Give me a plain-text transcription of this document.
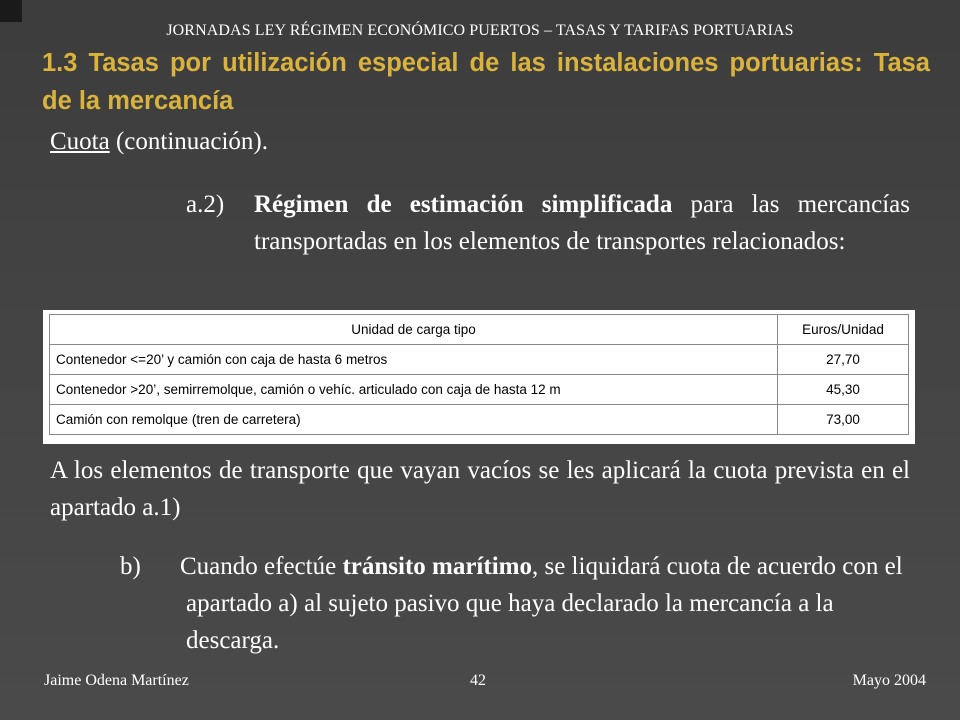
JORNADAS LEY RÉGIMEN ECONÓMICO PUERTOS – TASAS Y TARIFAS PORTUARIAS
1.3 Tasas por utilización especial de las instalaciones portuarias: Tasa de la mercancía
Cuota (continuación).
a.2) Régimen de estimación simplificada para las mercancías transportadas en los elementos de transportes relacionados:
Unidad de carga tipo	Euros/Unidad
Contenedor <=20’ y camión con caja de hasta 6 metros	27,70
Contenedor >20’, semirremolque, camión o vehíc. articulado con caja de hasta 12 m	45,30
Camión con remolque (tren de carretera)	73,00
A los elementos de transporte que vayan vacíos se les aplicará la cuota prevista en el apartado a.1)
b) Cuando efectúe tránsito marítimo, se liquidará cuota de acuerdo con el apartado a) al sujeto pasivo que haya declarado la mercancía a la descarga.
Jaime Odena Martínez	42	Mayo 2004
